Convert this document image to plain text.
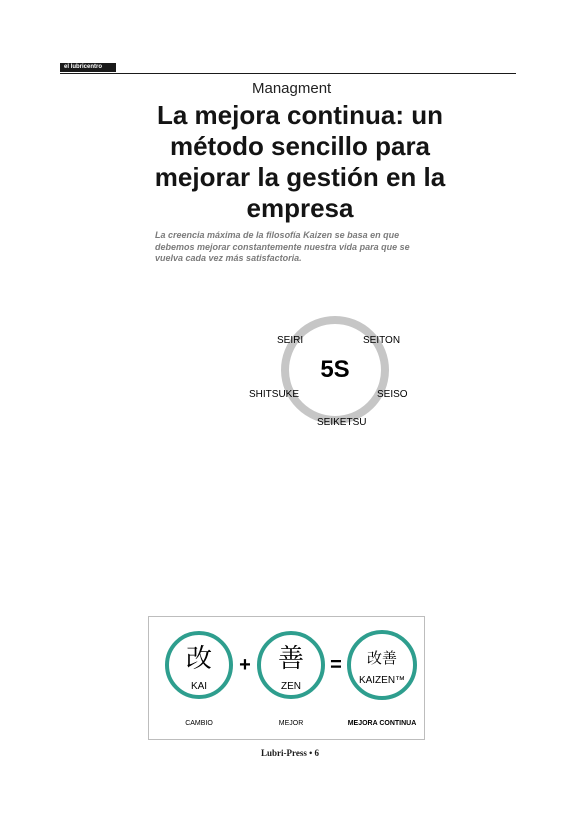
el lubricentro
Managment
La mejora continua: un método sencillo para mejorar la gestión en la empresa

La creencia máxima de la filosofía Kaizen se basa en que debemos mejorar constantemente nuestra vida para que se vuelva cada vez más satisfactoria.

5S
SEIRI	SEITON
SEISO
SEIKETSU
SHITSUKE
改
KAI
+ 善
ZEN
= 改善
KAIZEN™
CAMBIO	MEJOR	MEJORA CONTINUA
Lubri-Press • 6
